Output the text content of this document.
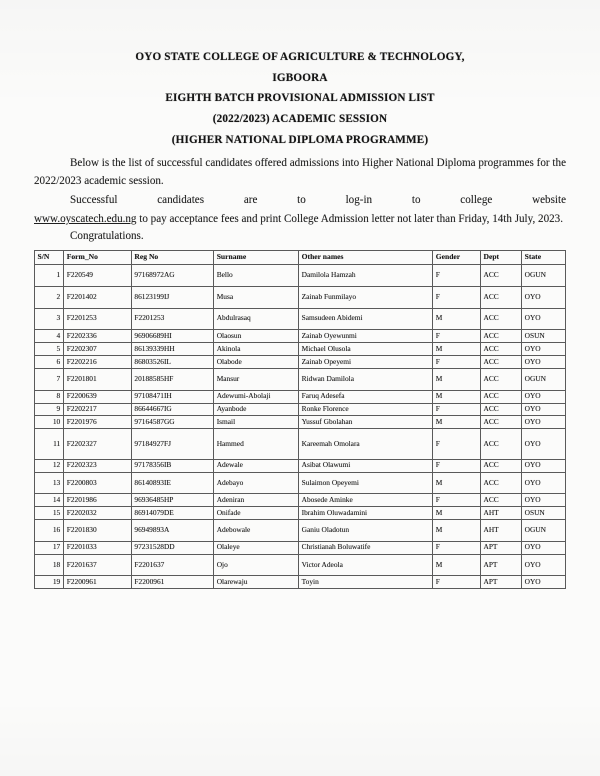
OYO STATE COLLEGE OF AGRICULTURE & TECHNOLOGY,
IGBOORA
EIGHTH BATCH PROVISIONAL ADMISSION LIST
(2022/2023) ACADEMIC SESSION
(HIGHER NATIONAL DIPLOMA PROGRAMME)

Below is the list of successful candidates offered admissions into Higher National Diploma programmes for the 2022/2023 academic session.

Successful candidates are to log-in to college website

www.oyscatech.edu.ng to pay acceptance fees and print College Admission letter not later than Friday, 14th July, 2023.

Congratulations.

S/N	Form_No	Reg No	Surname	Other names	Gender	Dept	State	
1	F220549	97168972AG	Bello	Damilola Hamzah	F	ACC	OGUN	
2	F2201402	86123199IJ	Musa	Zainab Funmilayo	F	ACC	OYO	
3	F2201253	F2201253	Abdulrasaq	Samsudeen Abidemi	M	ACC	OYO	
4	F2202336	96906689HI	Olaosun	Zainab Oyewunmi	F	ACC	OSUN	
5	F2202307	86139339HH	Akinola	Michael Olusola	M	ACC	OYO	
6	F2202216	86803526IL	Olabode	Zainab Opeyemi	F	ACC	OYO	
7	F2201801	20188585HF	Mansur	Ridwan Damilola	M	ACC	OGUN	
8	F2200639	97108471IH	Adewumi-Abolaji	Faruq Adesefa	M	ACC	OYO	
9	F2202217	86644667IG	Ayanbode	Ronke Florence	F	ACC	OYO	
10	F2201976	97164587GG	Ismail	Yussuf Gbolahan	M	ACC	OYO	
11	F2202327	97184927FJ	Hammed	Kareemah Omolara	F	ACC	OYO	
12	F2202323	97178356IB	Adewale	Asibat Olawumi	F	ACC	OYO	
13	F2200803	86140893IE	Adebayo	Sulaimon Opeyemi	M	ACC	OYO	
14	F2201986	96936485HP	Adeniran	Abosede Aminke	F	ACC	OYO	
15	F2202032	86914079DE	Onifade	Ibrahim Oluwadamini	M	AHT	OSUN	
16	F2201830	96949893A	Adebowale	Ganiu Oladotun	M	AHT	OGUN	
17	F2201033	97231528DD	Olaleye	Christianah Boluwatife	F	APT	OYO	
18	F2201637	F2201637	Ojo	Victor Adeola	M	APT	OYO	
19	F2200961	F2200961	Olarewaju	Toyin	F	APT	OYO	
